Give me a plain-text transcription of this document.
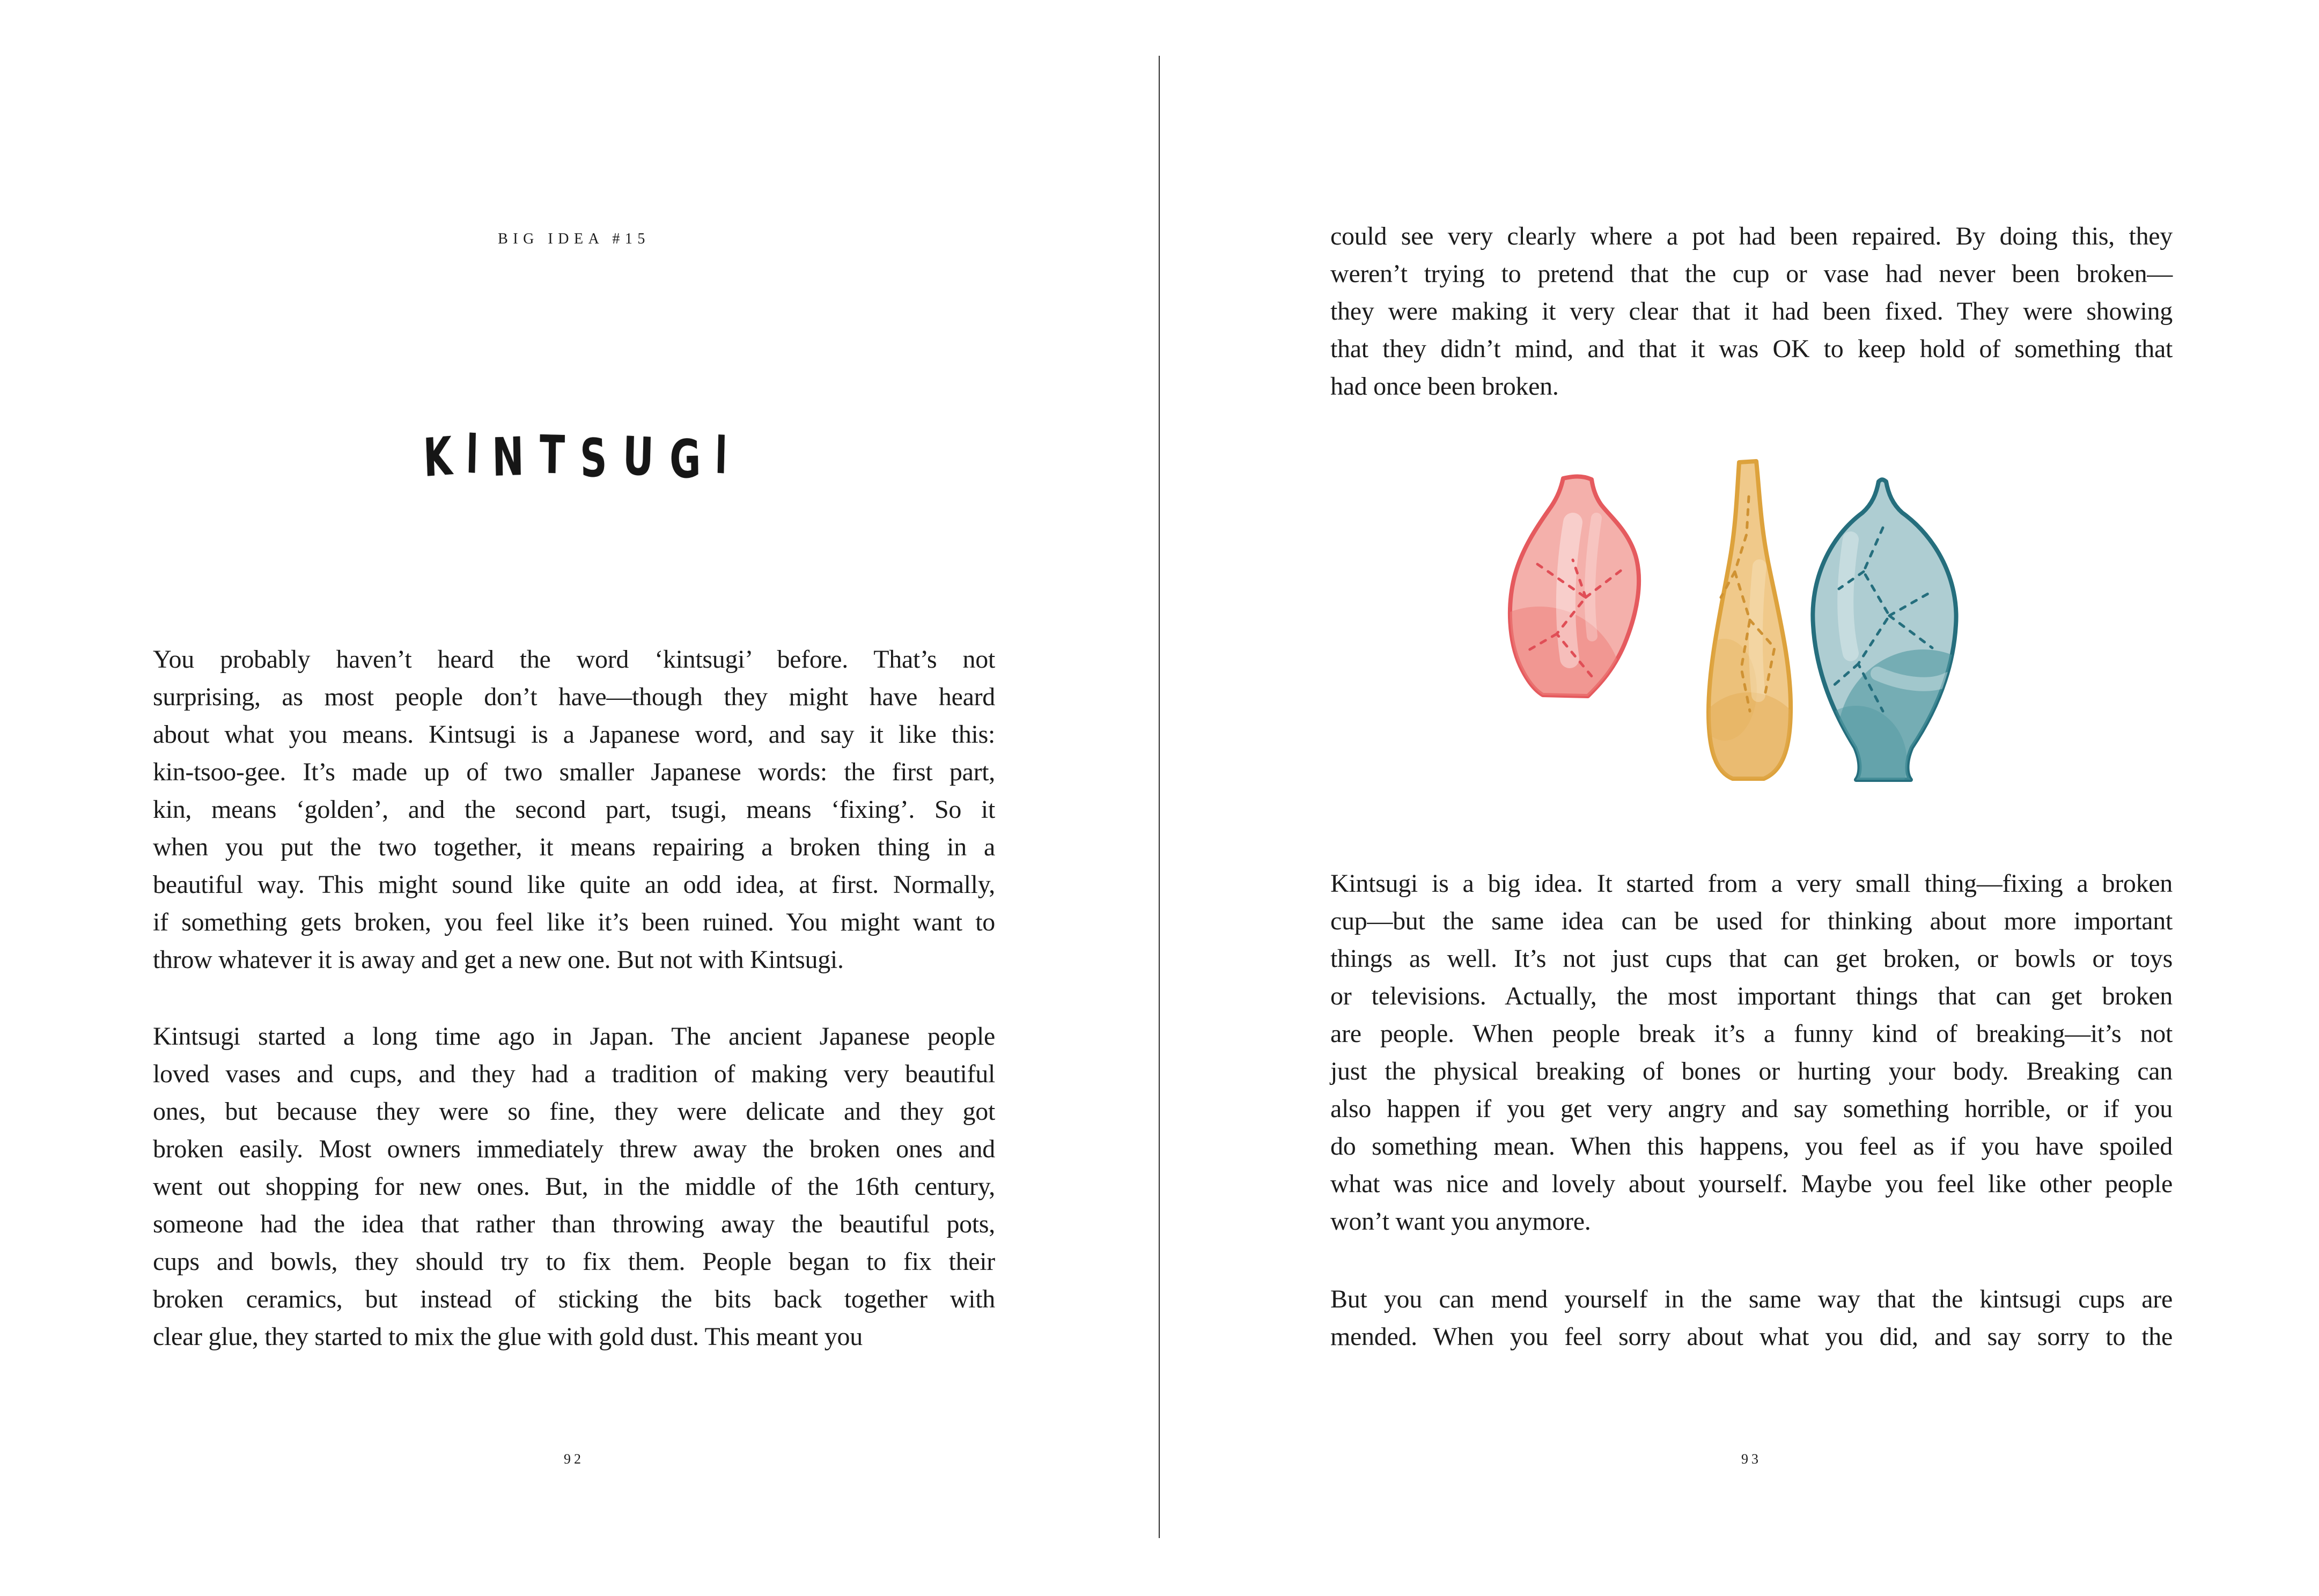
BIG IDEA #15
K I N T S U G I
You probably haven’t heard the word ‘kintsugi’ before. That’s not
surprising, as most people don’t have—though they might have heard
about what you means. Kintsugi is a Japanese word, and say it like this:
kin-tsoo-gee. It’s made up of two smaller Japanese words: the first part,
kin, means ‘golden’, and the second part, tsugi, means ‘fixing’. So it
when you put the two together, it means repairing a broken thing in a
beautiful way. This might sound like quite an odd idea, at first. Normally,
if something gets broken, you feel like it’s been ruined. You might want to
throw whatever it is away and get a new one. But not with Kintsugi.
Kintsugi started a long time ago in Japan. The ancient Japanese people
loved vases and cups, and they had a tradition of making very beautiful
ones, but because they were so fine, they were delicate and they got
broken easily. Most owners immediately threw away the broken ones and
went out shopping for new ones. But, in the middle of the 16th century,
someone had the idea that rather than throwing away the beautiful pots,
cups and bowls, they should try to fix them. People began to fix their
broken ceramics, but instead of sticking the bits back together with
clear glue, they started to mix the glue with gold dust. This meant you
92
could see very clearly where a pot had been repaired. By doing this, they
weren’t trying to pretend that the cup or vase had never been broken—
they were making it very clear that it had been fixed. They were showing
that they didn’t mind, and that it was OK to keep hold of something that
had once been broken.
Kintsugi is a big idea. It started from a very small thing—fixing a broken
cup—but the same idea can be used for thinking about more important
things as well. It’s not just cups that can get broken, or bowls or toys
or televisions. Actually, the most important things that can get broken
are people. When people break it’s a funny kind of breaking—it’s not
just the physical breaking of bones or hurting your body. Breaking can
also happen if you get very angry and say something horrible, or if you
do something mean. When this happens, you feel as if you have spoiled
what was nice and lovely about yourself. Maybe you feel like other people
won’t want you anymore.
But you can mend yourself in the same way that the kintsugi cups are
mended. When you feel sorry about what you did, and say sorry to the
93
